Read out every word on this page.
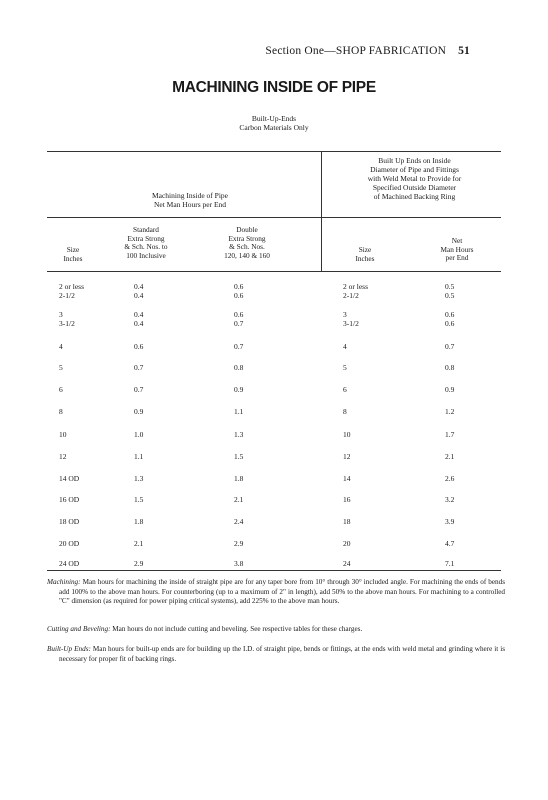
Section One—SHOP FABRICATION 51
MACHINING INSIDE OF PIPE
Built-Up-Ends
Carbon Materials Only
Machining Inside of Pipe
Net Man Hours per End
Built Up Ends on Inside
Diameter of Pipe and Fittings
with Weld Metal to Provide for
Specified Outside Diameter
of Machined Backing Ring
Size
Inches
Standard
Extra Strong
& Sch. Nos. to
100 Inclusive
Double
Extra Strong
& Sch. Nos.
120, 140 & 160
Size
Inches
Net
Man Hours
per End
2 or less	0.4	0.6	2 or less	0.5
2-1/2	0.4	0.6	2-1/2	0.5
3	0.4	0.6	3	0.6
3-1/2	0.4	0.7	3-1/2	0.6
4	0.6	0.7	4	0.7
5	0.7	0.8	5	0.8
6	0.7	0.9	6	0.9
8	0.9	1.1	8	1.2
10	1.0	1.3	10	1.7
12	1.1	1.5	12	2.1
14 OD	1.3	1.8	14	2.6
16 OD	1.5	2.1	16	3.2
18 OD	1.8	2.4	18	3.9
20 OD	2.1	2.9	20	4.7
24 OD	2.9	3.8	24	7.1

Machining: Man hours for machining the inside of straight pipe are for any taper bore from 10° through 30° included angle. For machining the ends of bends add 100% to the above man hours. For counterboring (up to a maximum of 2" in length), add 50% to the above man hours. For machining to a controlled "C" dimension (as required for power piping critical systems), add 225% to the above man hours.

Cutting and Beveling: Man hours do not include cutting and beveling. See respective tables for these charges.

Built-Up Ends: Man hours for built-up ends are for building up the I.D. of straight pipe, bends or fittings, at the ends with weld metal and grinding where it is necessary for proper fit of backing rings.
